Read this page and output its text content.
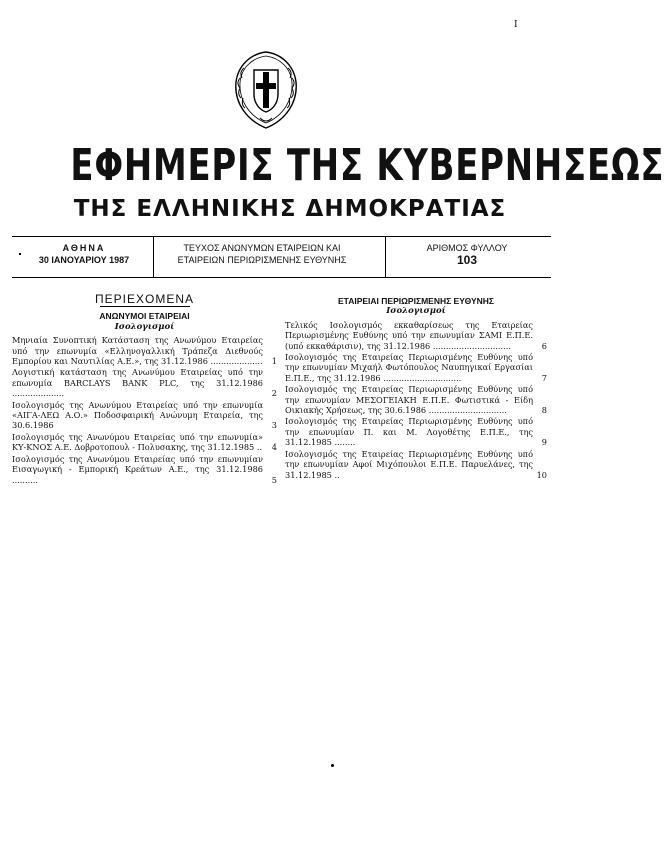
I
ΕΦΗΜΕΡΙΣ ΤΗΣ ΚΥΒΕΡΝΗΣΕΩΣ
ΤΗΣ ΕΛΛΗΝΙΚΗΣ ΔΗΜΟΚΡΑΤΙΑΣ
ΑΘΗΝΑ
30 ΙΑΝΟΥΑΡΙΟΥ 1987
ΤΕΥΧΟΣ ΑΝΩΝΥΜΩΝ ΕΤΑΙΡΕΙΩΝ ΚΑΙ
ΕΤΑΙΡΕΙΩΝ ΠΕΡΙΩΡΙΣΜΕΝΗΣ ΕΥΘΥΝΗΣ
ΑΡΙΘΜΟΣ ΦΥΛΛΟΥ
103
ΠΕΡΙΕΧΟΜΕΝΑ
ΑΝΩΝΥΜΟΙ ΕΤΑΙΡΕΙΑΙ
Ισολογισμοί
Μηνιαία Συνοπτική Κατάσταση της Ανωνύμου Εταιρείας υπό την επωνυμία «Ελληνογαλλική Τράπεζα Διεθνούς Εμπορίου και Ναυτιλίας Α.Ε.», της 31.12.1986 .................... 1
Λογιστική κατάσταση της Ανωνύμου Εταιρείας υπό την επωνυμία BARCLAYS BANK PLC, της 31.12.1986 ....................	2
Ισολογισμός της Ανωνύμου Εταιρείας υπό την επωνυμία «ΑΙΓΑ-ΛΕΩ Α.Ο.» Ποδοσφαιρική Ανώνυμη Εταιρεία, της 30.6.1986	3
Ισολογισμός της Ανωνύμου Εταιρείας υπό την επωνυμία» ΚΥ-ΚΝΟΣ Α.Ε. Δοβροτοπουλ - Πολυσακης, της 31.12.1985 .. 4
Ισολογισμός της Ανωνύμου Εταιρείας υπό την επωνυμίαν Εισαγωγική - Εμπορική Κρεάτων Α.Ε., της 31.12.1986 ..........	5
ΕΤΑΙΡΕΙΑΙ ΠΕΡΙΩΡΙΣΜΕΝΗΣ ΕΥΘΥΝΗΣ
Ισολογισμοί
Τελικός Ισολογισμός εκκαθαρίσεως της Εταιρείας Περιωρισμένης Ευθύνης υπό την επωνυμίαν ΣΑΜΙ Ε.Π.Ε. (υπό εκκαθάρισιν), της 31.12.1986 ..............................	6
Ισολογισμός της Εταιρείας Περιωρισμένης Ευθύνης υπό την επωνυμίαν Μιχαήλ Φωτόπουλος Ναυπηγικαί Εργασίαι Ε.Π.Ε., της 31.12.1986 ..............................	7
Ισολογισμός της Εταιρείας Περιωρισμένης Ευθύνης υπό την επωνυμίαν ΜΕΣΟΓΕΙΑΚΗ Ε.Π.Ε. Φωτιστικά - Είδη Οικιακής Χρήσεως, της 30.6.1986 ..............................	8
Ισολογισμός της Εταιρείας Περιωρισμένης Ευθύνης υπό την επωνυμίαν Π. και Μ. Λογοθέτης Ε.Π.Ε., της 31.12.1985 ........	9
Ισολογισμός της Εταιρείας Περιωρισμένης Ευθύνης υπό την επωνυμίαν Αφοί Μιχόπουλοι Ε.Π.Ε. Παρυελάνες, της 31.12.1985 ..	10
